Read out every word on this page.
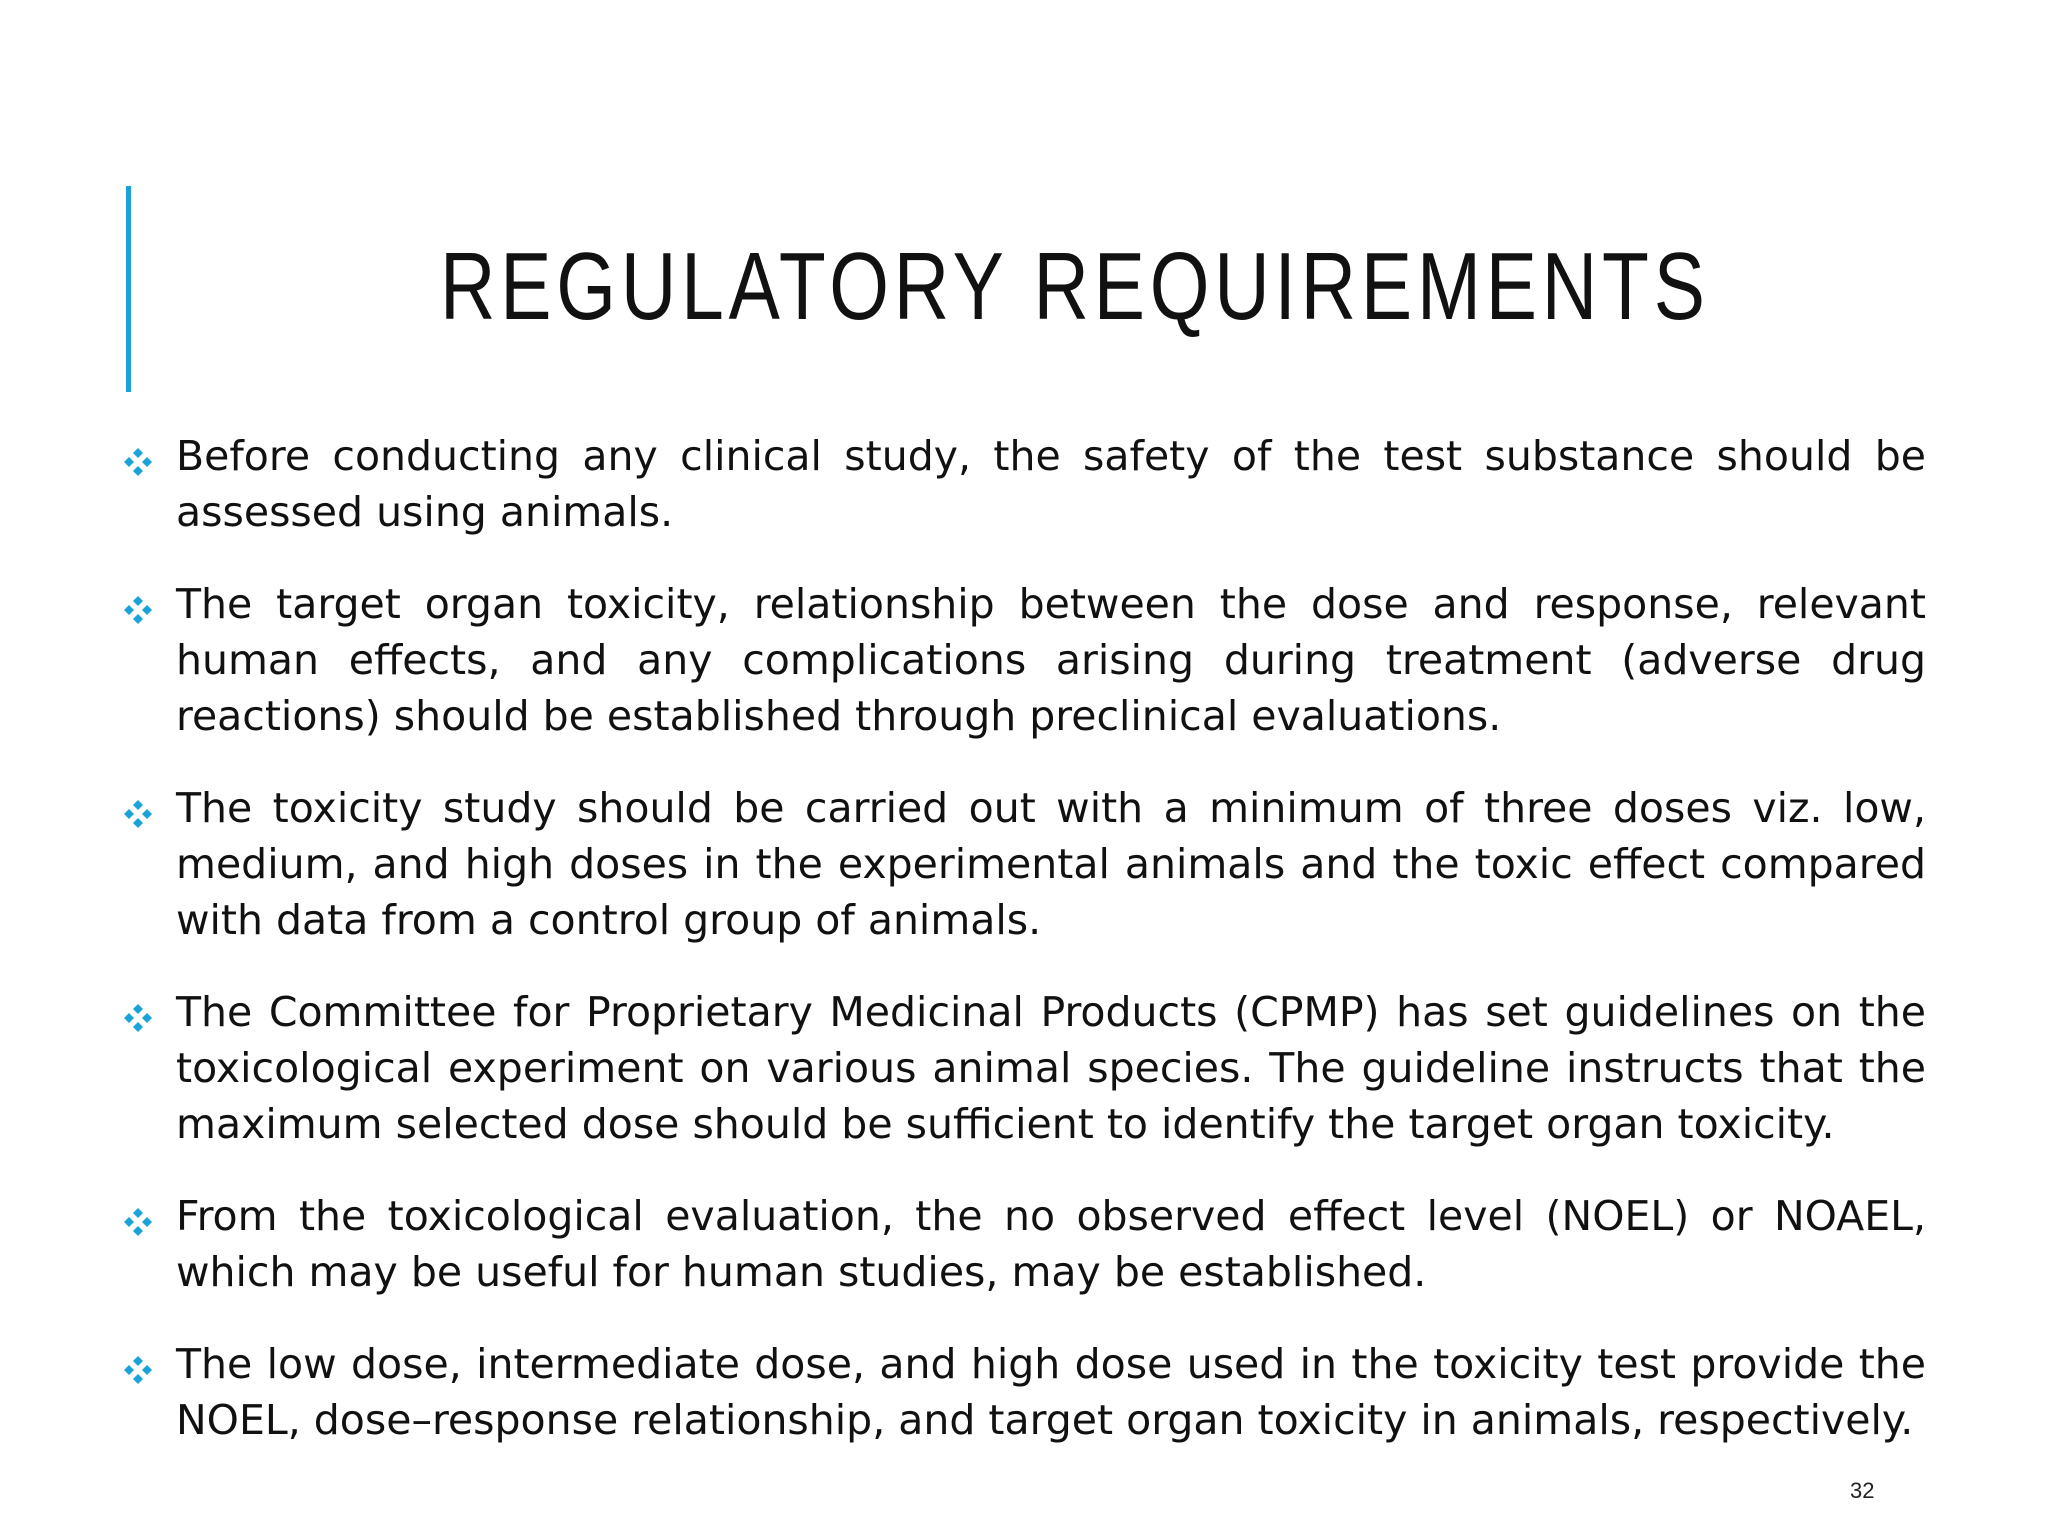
REGULATORY REQUIREMENTS
Before conducting any clinical study, the safety of the test substance should be assessed using animals.
The target organ toxicity, relationship between the dose and response, relevant human effects, and any complications arising during treatment (adverse drug reactions) should be established through preclinical evaluations.
The toxicity study should be carried out with a minimum of three doses viz. low, medium, and high doses in the experimental animals and the toxic effect compared with data from a control group of animals.
The Committee for Proprietary Medicinal Products (CPMP) has set guidelines on the toxicological experiment on various animal species. The guideline instructs that the maximum selected dose should be sufficient to identify the target organ toxicity.
From the toxicological evaluation, the no observed effect level (NOEL) or NOAEL, which may be useful for human studies, may be established.
The low dose, intermediate dose, and high dose used in the toxicity test provide the NOEL, dose–response relationship, and target organ toxicity in animals, respectively.
32
